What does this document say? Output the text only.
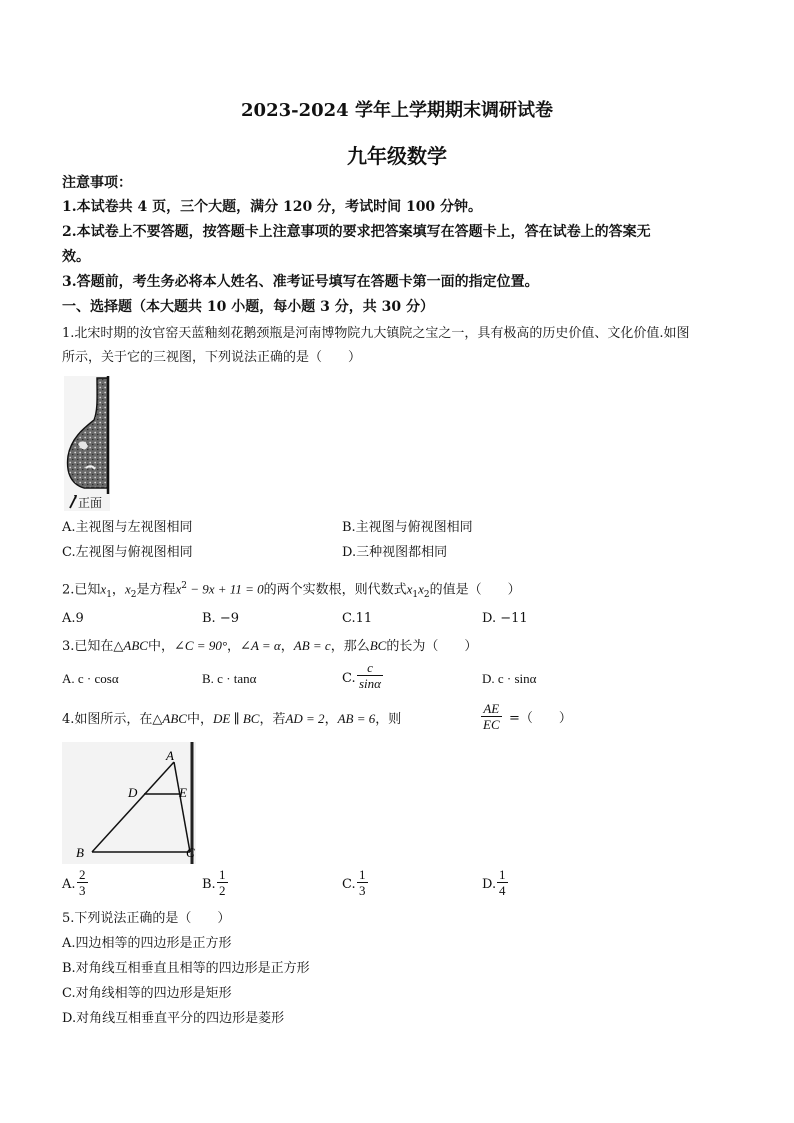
2023-2024 学年上学期期末调研试卷
九年级数学
注意事项：
1.本试卷共 4 页，三个大题，满分 120 分，考试时间 100 分钟。
2.本试卷上不要答题，按答题卡上注意事项的要求把答案填写在答题卡上，答在试卷上的答案无
效。
3.答题前，考生务必将本人姓名、准考证号填写在答题卡第一面的指定位置。
一、选择题（本大题共 10 小题，每小题 3 分，共 30 分）
1.北宋时期的汝官窑天蓝釉刻花鹅颈瓶是河南博物院九大镇院之宝之一，具有极高的历史价值、文化价值.如图
所示，关于它的三视图，下列说法正确的是（　　）
正面
A.主视图与左视图相同	B.主视图与俯视图相同
C.左视图与俯视图相同	D.三种视图都相同
2.已知$x_1$，$x_2$是方程$x^2 - 9x + 11 = 0$的两个实数根，则代数式$x_1x_2$的值是（　　）
A.9	B. −9	C.11	D. −11
3.已知在△ABC中，∠C = 90°，∠A = α，AB = c，那么BC的长为（　　）
A. c · cosα	B. c · tanα	C. $\frac{c}{\sin\alpha}$	D. c · sinα
4.如图所示，在△ABC中，DE ∥ BC，若AD = 2，AB = 6，则	$\frac{AE}{EC}$ =（　　）
A
D	E
B	C
A. $\frac{2}{3}$	B. $\frac{1}{2}$	C. $\frac{1}{3}$	D. $\frac{1}{4}$
5.下列说法正确的是（　　）
A.四边相等的四边形是正方形
B.对角线互相垂直且相等的四边形是正方形
C.对角线相等的四边形是矩形
D.对角线互相垂直平分的四边形是菱形
